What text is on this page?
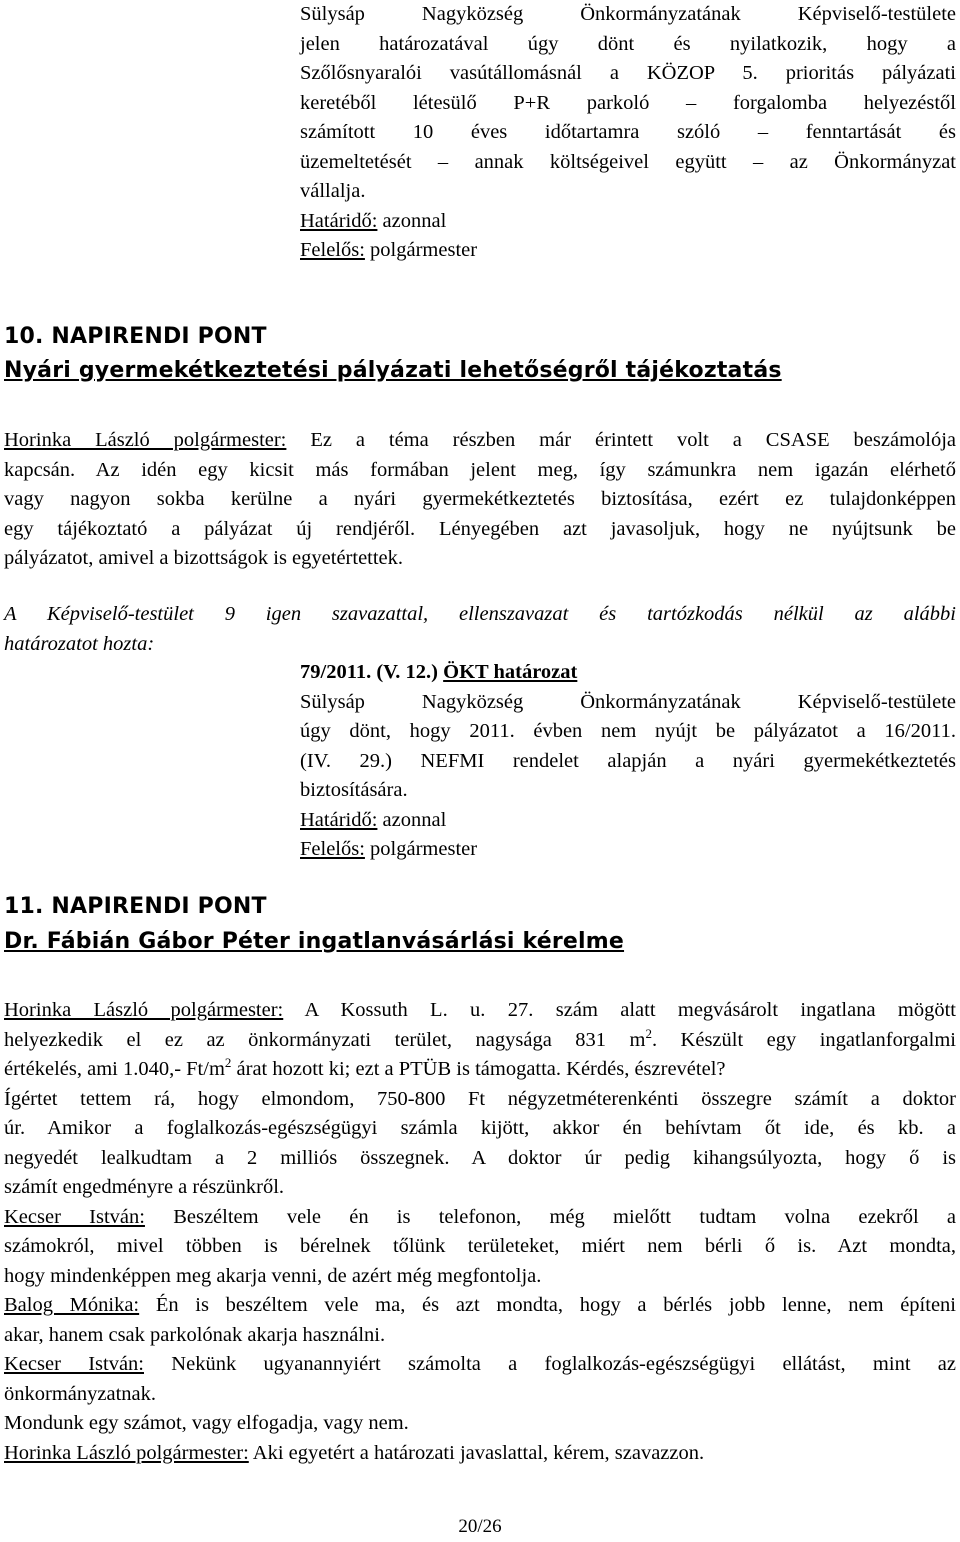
Sülysáp Nagyközség Önkormányzatának Képviselő-testülete

jelen határozatával úgy dönt és nyilatkozik, hogy a

Szőlősnyaralói vasútállomásnál a KÖZOP 5. prioritás pályázati

keretéből létesülő P+R parkoló – forgalomba helyezéstől

számított 10 éves időtartamra szóló – fenntartását és

üzemeltetését – annak költségeivel együtt – az Önkormányzat

vállalja.

Határidő: azonnal

Felelős: polgármester

10. NAPIRENDI PONT
Nyári gyermekétkeztetési pályázati lehetőségről tájékoztatás

Horinka László polgármester: Ez a téma részben már érintett volt a CSASE beszámolója

kapcsán. Az idén egy kicsit más formában jelent meg, így számunkra nem igazán elérhető

vagy nagyon sokba kerülne a nyári gyermekétkeztetés biztosítása, ezért ez tulajdonképpen

egy tájékoztató a pályázat új rendjéről. Lényegében azt javasoljuk, hogy ne nyújtsunk be

pályázatot, amivel a bizottságok is egyetértettek.

A Képviselő-testület 9 igen szavazattal, ellenszavazat és tartózkodás nélkül az alábbi

határozatot hozta:

79/2011. (V. 12.) ÖKT határozat

Sülysáp Nagyközség Önkormányzatának Képviselő-testülete

úgy dönt, hogy 2011. évben nem nyújt be pályázatot a 16/2011.

(IV. 29.) NEFMI rendelet alapján a nyári gyermekétkeztetés

biztosítására.

Határidő: azonnal

Felelős: polgármester

11. NAPIRENDI PONT
Dr. Fábián Gábor Péter ingatlanvásárlási kérelme

Horinka László polgármester: A Kossuth L. u. 27. szám alatt megvásárolt ingatlana mögött

helyezkedik el ez az önkormányzati terület, nagysága 831 $m^2$. Készült egy ingatlanforgalmi

értékelés, ami 1.040,- $Ft/m^2$ árat hozott ki; ezt a PTÜB is támogatta. Kérdés, észrevétel?

Ígértet tettem rá, hogy elmondom, 750-800 Ft négyzetméterenkénti összegre számít a doktor

úr. Amikor a foglalkozás-egészségügyi számla kijött, akkor én behívtam őt ide, és kb. a

negyedét lealkudtam a 2 milliós összegnek. A doktor úr pedig kihangsúlyozta, hogy ő is

számít engedményre a részünkről.

Kecser István: Beszéltem vele én is telefonon, még mielőtt tudtam volna ezekről a

számokról, mivel többen is bérelnek tőlünk területeket, miért nem bérli ő is. Azt mondta,

hogy mindenképpen meg akarja venni, de azért még megfontolja.

Balog Mónika: Én is beszéltem vele ma, és azt mondta, hogy a bérlés jobb lenne, nem építeni

akar, hanem csak parkolónak akarja használni.

Kecser István: Nekünk ugyanannyiért számolta a foglalkozás-egészségügyi ellátást, mint az

önkormányzatnak.

Mondunk egy számot, vagy elfogadja, vagy nem.

Horinka László polgármester: Aki egyetért a határozati javaslattal, kérem, szavazzon.

20/26
